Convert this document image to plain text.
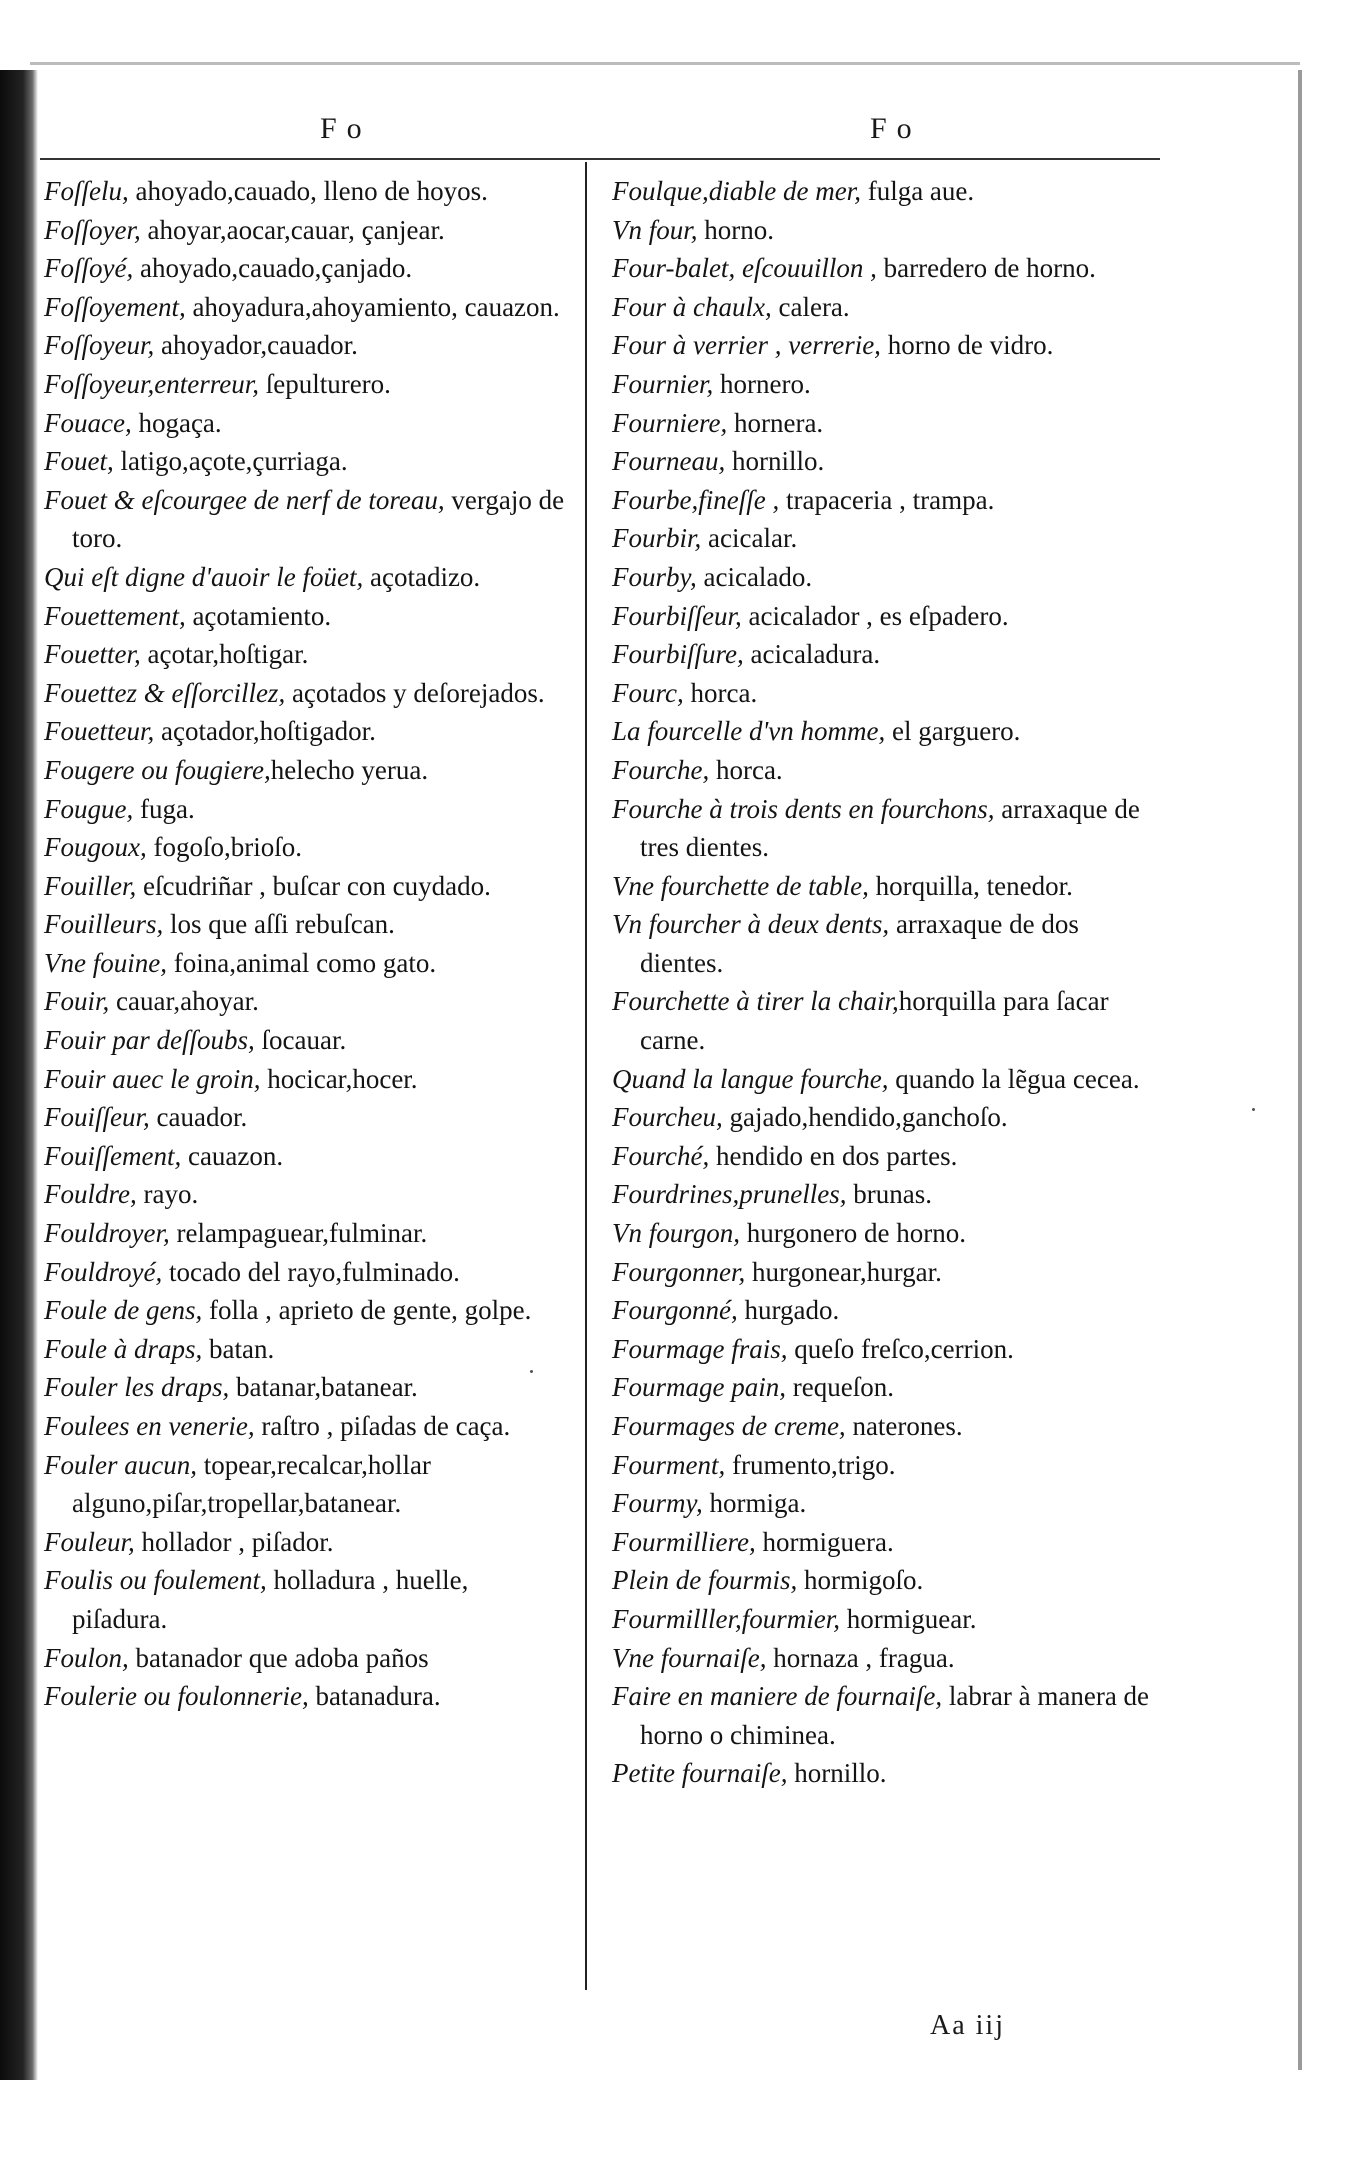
Fo	Fo

Foſſelu, ahoyado,cauado, lleno de hoyos.

Foſſoyer, ahoyar,aocar,cauar, çanjear.

Foſſoyé, ahoyado,cauado,çanjado.

Foſſoyement, ahoyadura,ahoyamiento, cauazon.

Foſſoyeur, ahoyador,cauador.

Foſſoyeur,enterreur, ſepulturero.

Fouace, hogaça.

Fouet, latigo,açote,çurriaga.

Fouet & eſcourgee de nerf de toreau, vergajo de toro.

Qui eſt digne d'auoir le foüet, açotadizo.

Fouettement, açotamiento.

Fouetter, açotar,hoſtigar.

Fouettez & eſſorcillez, açotados y deſorejados.

Fouetteur, açotador,hoſtigador.

Fougere ou fougiere,helecho yerua.

Fougue, fuga.

Fougoux, fogoſo,brioſo.

Fouiller, eſcudriñar , buſcar con cuydado.

Fouilleurs, los que aſſi rebuſcan.

Vne fouine, foina,animal como gato.

Fouir, cauar,ahoyar.

Fouir par deſſoubs, ſocauar.

Fouir auec le groin, hocicar,hocer.

Fouiſſeur, cauador.

Fouiſſement, cauazon.

Fouldre, rayo.

Fouldroyer, relampaguear,fulminar.

Fouldroyé, tocado del rayo,fulminado.

Foule de gens, folla , aprieto de gente, golpe.

Foule à draps, batan.

Fouler les draps, batanar,batanear.

Foulees en venerie, raſtro , piſadas de caça.

Fouler aucun, topear,recalcar,hollar alguno,piſar,tropellar,batanear.

Fouleur, hollador , piſador.

Foulis ou foulement, holladura , huelle, piſadura.

Foulon, batanador que adoba paños

Foulerie ou foulonnerie, batanadura.

Foulque,diable de mer, fulga aue.

Vn four, horno.

Four-balet, eſcouuillon , barredero de horno.

Four à chaulx, calera.

Four à verrier , verrerie, horno de vidro.

Fournier, hornero.

Fourniere, hornera.

Fourneau, hornillo.

Fourbe,fineſſe , trapaceria , trampa.

Fourbir, acicalar.

Fourby, acicalado.

Fourbiſſeur, acicalador , es eſpadero.

Fourbiſſure, acicaladura.

Fourc, horca.

La fourcelle d'vn homme, el garguero.

Fourche, horca.

Fourche à trois dents en fourchons, arraxaque de tres dientes.

Vne fourchette de table, horquilla, tenedor.

Vn fourcher à deux dents, arraxaque de dos dientes.

Fourchette à tirer la chair,horquilla para ſacar carne.

Quand la langue fourche, quando la lẽgua cecea.

Fourcheu, gajado,hendido,ganchoſo.

Fourché, hendido en dos partes.

Fourdrines,prunelles, brunas.

Vn fourgon, hurgonero de horno.

Fourgonner, hurgonear,hurgar.

Fourgonné, hurgado.

Fourmage frais, queſo freſco,cerrion.

Fourmage pain, requeſon.

Fourmages de creme, naterones.

Fourment, frumento,trigo.

Fourmy, hormiga.

Fourmilliere, hormiguera.

Plein de fourmis, hormigoſo.

Fourmilller,fourmier, hormiguear.

Vne fournaiſe, hornaza , fragua.

Faire en maniere de fournaiſe, labrar à manera de horno o chiminea.

Petite fournaiſe, hornillo.

Aa iij
